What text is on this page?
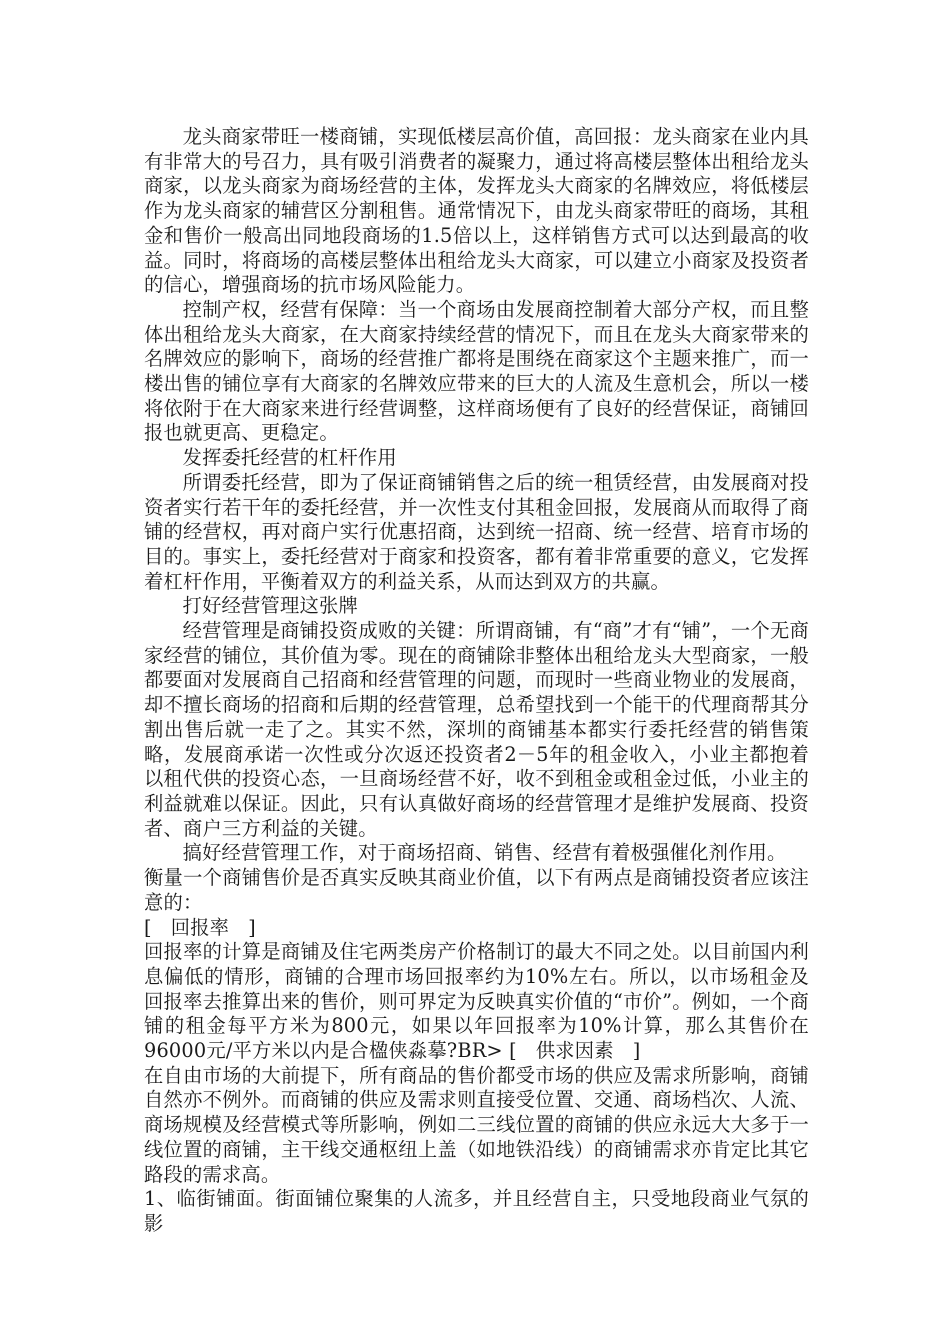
龙头商家带旺一楼商铺，实现低楼层高价值，高回报：龙头商家在业内具有非常大的号召力，具有吸引消费者的凝聚力，通过将高楼层整体出租给龙头商家，以龙头商家为商场经营的主体，发挥龙头大商家的名牌效应，将低楼层作为龙头商家的辅营区分割租售。通常情况下，由龙头商家带旺的商场，其租金和售价一般高出同地段商场的1.5倍以上，这样销售方式可以达到最高的收益。同时，将商场的高楼层整体出租给龙头大商家，可以建立小商家及投资者的信心，增强商场的抗市场风险能力。

控制产权，经营有保障：当一个商场由发展商控制着大部分产权，而且整体出租给龙头大商家，在大商家持续经营的情况下，而且在龙头大商家带来的名牌效应的影响下，商场的经营推广都将是围绕在商家这个主题来推广，而一楼出售的铺位享有大商家的名牌效应带来的巨大的人流及生意机会，所以一楼将依附于在大商家来进行经营调整，这样商场便有了良好的经营保证，商铺回报也就更高、更稳定。

发挥委托经营的杠杆作用

所谓委托经营，即为了保证商铺销售之后的统一租赁经营，由发展商对投资者实行若干年的委托经营，并一次性支付其租金回报，发展商从而取得了商铺的经营权，再对商户实行优惠招商，达到统一招商、统一经营、培育市场的目的。事实上，委托经营对于商家和投资客，都有着非常重要的意义，它发挥着杠杆作用，平衡着双方的利益关系，从而达到双方的共赢。

打好经营管理这张牌

经营管理是商铺投资成败的关键：所谓商铺，有“商”才有“铺”，一个无商家经营的铺位，其价值为零。现在的商铺除非整体出租给龙头大型商家，一般都要面对发展商自己招商和经营管理的问题，而现时一些商业物业的发展商，却不擅长商场的招商和后期的经营管理，总希望找到一个能干的代理商帮其分割出售后就一走了之。其实不然，深圳的商铺基本都实行委托经营的销售策略，发展商承诺一次性或分次返还投资者2－5年的租金收入，小业主都抱着以租代供的投资心态，一旦商场经营不好，收不到租金或租金过低，小业主的利益就难以保证。因此，只有认真做好商场的经营管理才是维护发展商、投资者、商户三方利益的关键。

搞好经营管理工作，对于商场招商、销售、经营有着极强催化剂作用。

衡量一个商铺售价是否真实反映其商业价值，以下有两点是商铺投资者应该注意的：

[   回报率   ]

回报率的计算是商铺及住宅两类房产价格制订的最大不同之处。以目前国内利息偏低的情形，商铺的合理市场回报率约为10%左右。所以，以市场租金及回报率去推算出来的售价，则可界定为反映真实价值的“市价”。例如，一个商铺的租金每平方米为800元，如果以年回报率为10%计算，那么其售价在96000元/平方米以内是合楹侠淼摹?BR> [   供求因素   ]

在自由市场的大前提下，所有商品的售价都受市场的供应及需求所影响，商铺自然亦不例外。而商铺的供应及需求则直接受位置、交通、商场档次、人流、商场规模及经营模式等所影响，例如二三线位置的商铺的供应永远大大多于一线位置的商铺，主干线交通枢纽上盖（如地铁沿线）的商铺需求亦肯定比其它路段的需求高。

1、临街铺面。街面铺位聚集的人流多，并且经营自主，只受地段商业气氛的影
